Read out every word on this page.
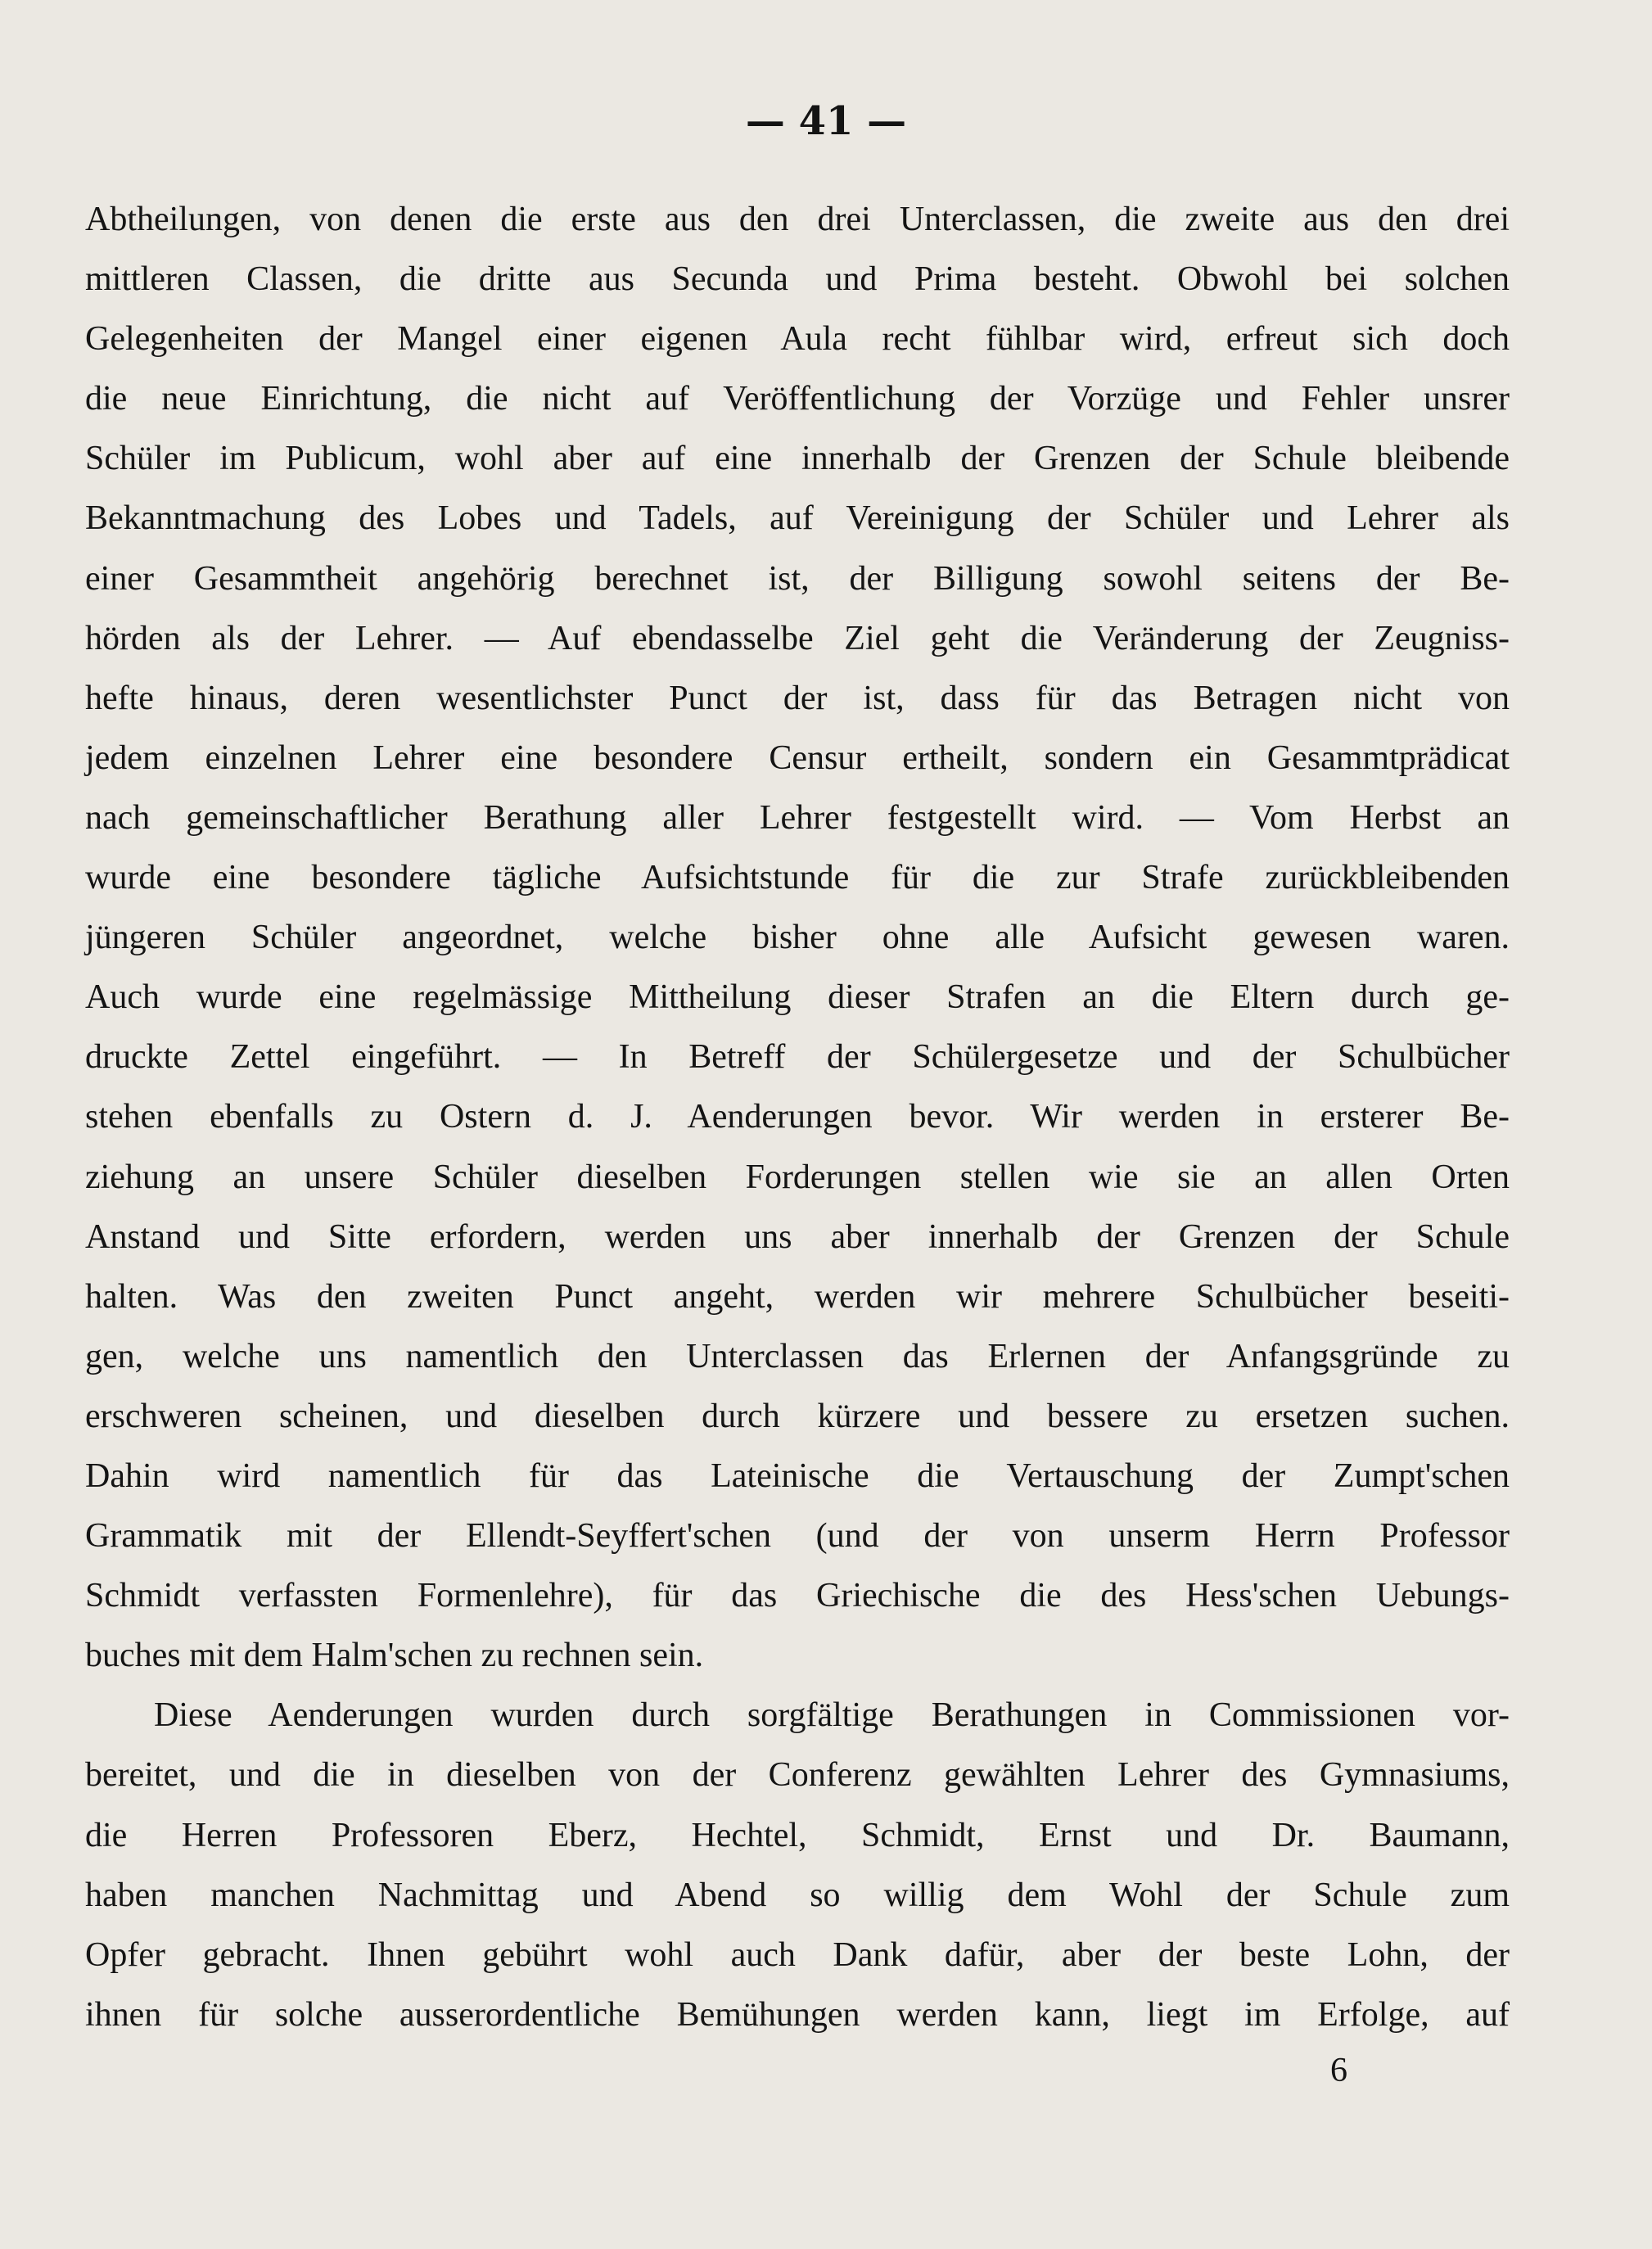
— 41 —
Abtheilungen, von denen die erste aus den drei Unterclassen, die zweite aus den drei
mittleren Classen, die dritte aus Secunda und Prima besteht. Obwohl bei solchen
Gelegenheiten der Mangel einer eigenen Aula recht fühlbar wird, erfreut sich doch
die neue Einrichtung, die nicht auf Veröffentlichung der Vorzüge und Fehler unsrer
Schüler im Publicum, wohl aber auf eine innerhalb der Grenzen der Schule bleibende
Bekanntmachung des Lobes und Tadels, auf Vereinigung der Schüler und Lehrer als
einer Gesammtheit angehörig berechnet ist, der Billigung sowohl seitens der Be-
hörden als der Lehrer. — Auf ebendasselbe Ziel geht die Veränderung der Zeugniss-
hefte hinaus, deren wesentlichster Punct der ist, dass für das Betragen nicht von
jedem einzelnen Lehrer eine besondere Censur ertheilt, sondern ein Gesammtprädicat
nach gemeinschaftlicher Berathung aller Lehrer festgestellt wird. — Vom Herbst an
wurde eine besondere tägliche Aufsichtstunde für die zur Strafe zurückbleibenden
jüngeren Schüler angeordnet, welche bisher ohne alle Aufsicht gewesen waren.
Auch wurde eine regelmässige Mittheilung dieser Strafen an die Eltern durch ge-
druckte Zettel eingeführt. — In Betreff der Schülergesetze und der Schulbücher
stehen ebenfalls zu Ostern d. J. Aenderungen bevor. Wir werden in ersterer Be-
ziehung an unsere Schüler dieselben Forderungen stellen wie sie an allen Orten
Anstand und Sitte erfordern, werden uns aber innerhalb der Grenzen der Schule
halten. Was den zweiten Punct angeht, werden wir mehrere Schulbücher beseiti-
gen, welche uns namentlich den Unterclassen das Erlernen der Anfangsgründe zu
erschweren scheinen, und dieselben durch kürzere und bessere zu ersetzen suchen.
Dahin wird namentlich für das Lateinische die Vertauschung der Zumpt'schen
Grammatik mit der Ellendt-Seyffert'schen (und der von unserm Herrn Professor
Schmidt verfassten Formenlehre), für das Griechische die des Hess'schen Uebungs-
buches mit dem Halm'schen zu rechnen sein.
Diese Aenderungen wurden durch sorgfältige Berathungen in Commissionen vor-
bereitet, und die in dieselben von der Conferenz gewählten Lehrer des Gymnasiums,
die Herren Professoren Eberz, Hechtel, Schmidt, Ernst und Dr. Baumann,
haben manchen Nachmittag und Abend so willig dem Wohl der Schule zum
Opfer gebracht. Ihnen gebührt wohl auch Dank dafür, aber der beste Lohn, der
ihnen für solche ausserordentliche Bemühungen werden kann, liegt im Erfolge, auf
6
